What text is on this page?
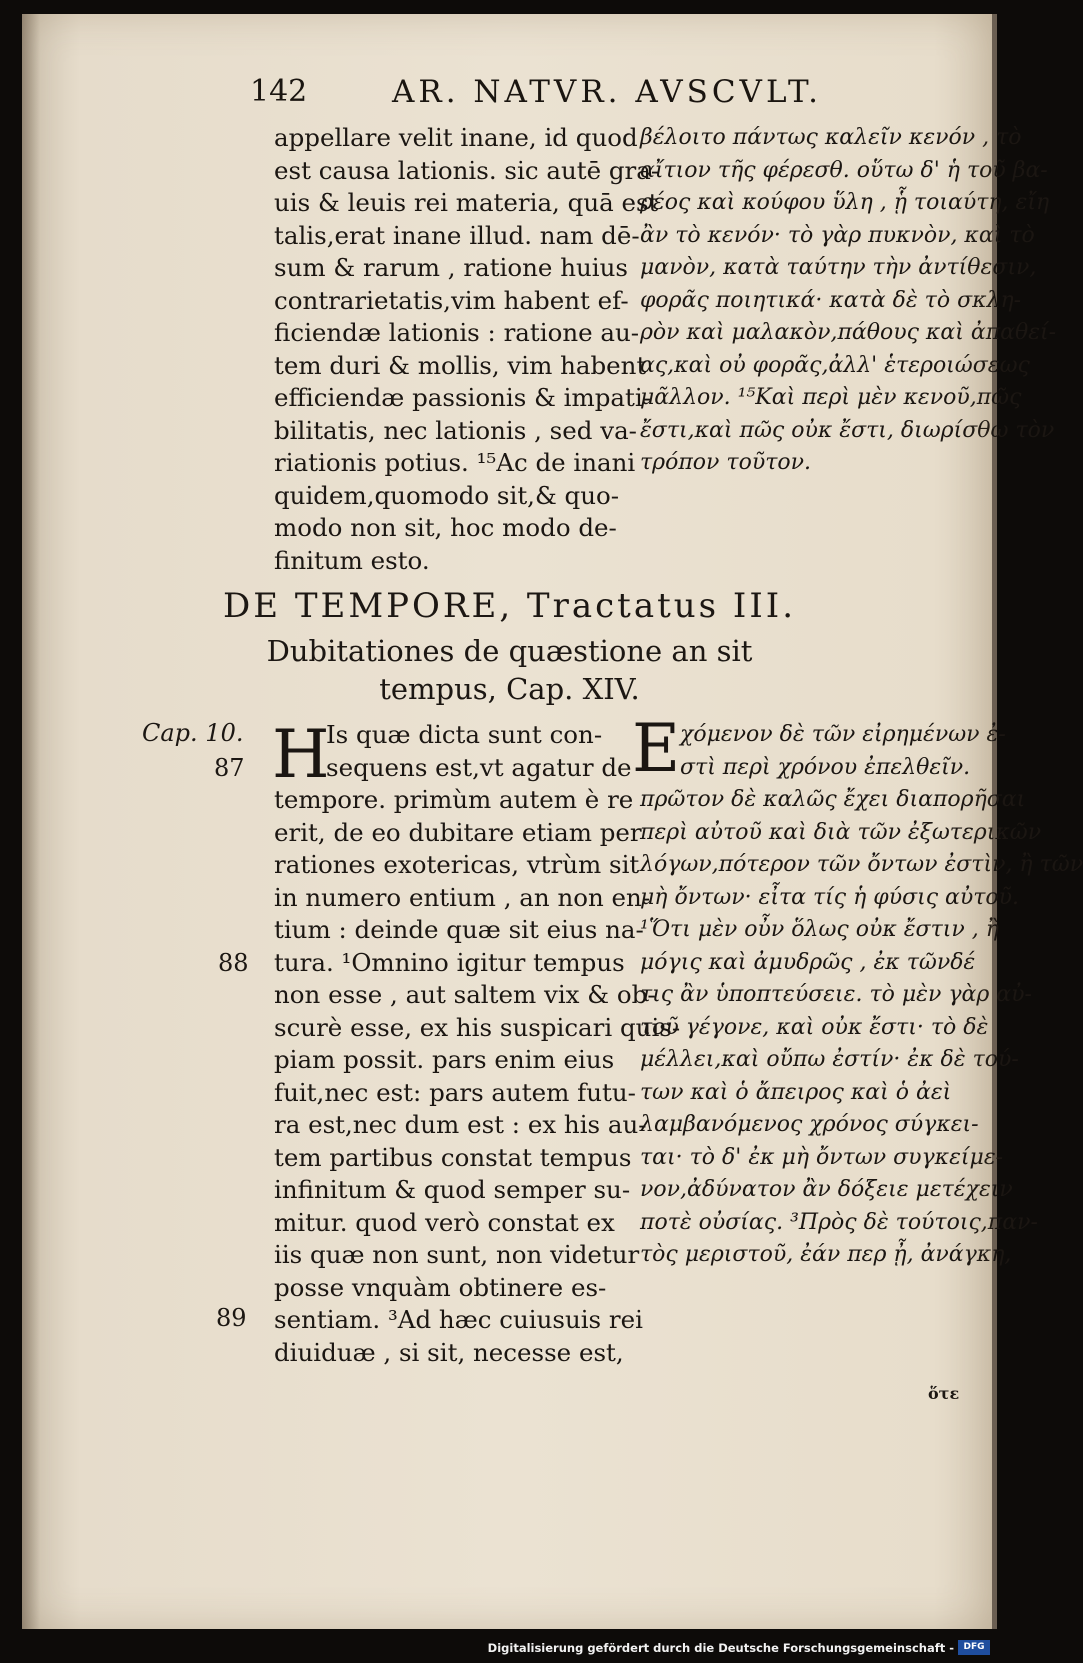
142	AR. NATVR. AVSCVLT.
appellare velit inane, id quod
est causa lationis. sic autē gra-
uis & leuis rei materia, quā est
talis,erat inane illud. nam dē-
sum & rarum , ratione huius
contrarietatis,vim habent ef-
ficiendæ lationis : ratione au-
tem duri & mollis, vim habent
efficiendæ passionis & impati-
bilitatis, nec lationis , sed va-
riationis potius. ¹⁵Ac de inani
quidem,quomodo sit,& quo-
modo non sit, hoc modo de-
finitum esto.
βέλοιτο πάντως καλεῖν κενόν , τὸ
αἴτιον τῆς φέρεσθ. οὕτω δ' ἡ τοῦ βα-
ρέος καὶ κούφου ὕλη , ᾗ τοιαύτη, εἴη
ἂν τὸ κενόν· τὸ γὰρ πυκνὸν, καὶ τὸ
μανὸν, κατὰ ταύτην τὴν ἀντίθεσιν,
φορᾶς ποιητικά· κατὰ δὲ τὸ σκλη-
ρὸν καὶ μαλακὸν,πάθους καὶ ἀπαθεί-
ας,καὶ οὐ φορᾶς,ἀλλ' ἑτεροιώσεως
μᾶλλον. ¹⁵Καὶ περὶ μὲν κενοῦ,πῶς
ἔστι,καὶ πῶς οὐκ ἔστι, διωρίσθω τὸν
τρόπον τοῦτον.
DE TEMPORE, Tractatus III.
Dubitationes de quæstione an sit
tempus, Cap. XIV.
Cap. 10.
87
88
89
H	E
Is quæ dicta sunt con-
sequens est,vt agatur de
tempore. primùm autem è re
erit, de eo dubitare etiam per
rationes exotericas, vtrùm sit
in numero entium , an non en-
tium : deinde quæ sit eius na-
tura. ¹Omnino igitur tempus
non esse , aut saltem vix & ob-
scurè esse, ex his suspicari quis-
piam possit. pars enim eius
fuit,nec est: pars autem futu-
ra est,nec dum est : ex his au-
tem partibus constat tempus
infinitum & quod semper su-
mitur. quod verò constat ex
iis quæ non sunt, non videtur
posse vnquàm obtinere es-
sentiam. ³Ad hæc cuiusuis rei
diuiduæ , si sit, necesse est,
χόμενον δὲ τῶν εἰρημένων ἐ-
στὶ περὶ χρόνου ἐπελθεῖν.
πρῶτον δὲ καλῶς ἔχει διαπορῆσαι
περὶ αὐτοῦ καὶ διὰ τῶν ἐξωτερικῶν
λόγων,πότερον τῶν ὄντων ἐστὶν, ἢ τῶν
μὴ ὄντων· εἶτα τίς ἡ φύσις αὐτοῦ.
¹Ὅτι μὲν οὖν ὅλως οὐκ ἔστιν , ἢ
μόγις καὶ ἀμυδρῶς , ἐκ τῶνδέ
τις ἂν ὑποπτεύσειε. τὸ μὲν γὰρ αὐ-
τοῦ γέγονε, καὶ οὐκ ἔστι· τὸ δὲ
μέλλει,καὶ οὔπω ἐστίν· ἐκ δὲ τού-
των καὶ ὁ ἄπειρος καὶ ὁ ἀεὶ
λαμβανόμενος χρόνος σύγκει-
ται· τὸ δ' ἐκ μὴ ὄντων συγκείμε-
νον,ἀδύνατον ἂν δόξειε μετέχειν
ποτὲ οὐσίας. ³Πρὸς δὲ τούτοις,παν-
τὸς μεριστοῦ, ἐάν περ ᾖ, ἀνάγκη,
ὅτε
Digitalisierung gefördert durch die Deutsche Forschungsgemeinschaft -	DFG
